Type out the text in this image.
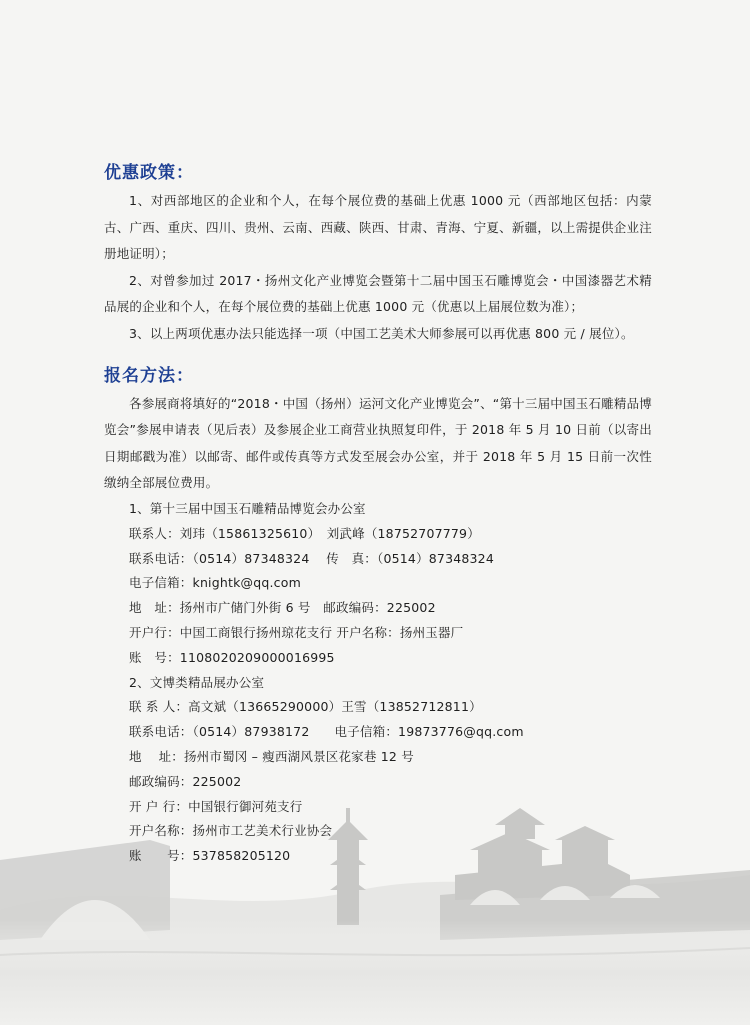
优惠政策：

1、对西部地区的企业和个人，在每个展位费的基础上优惠 1000 元（西部地区包括：内蒙古、广西、重庆、四川、贵州、云南、西藏、陕西、甘肃、青海、宁夏、新疆，以上需提供企业注册地证明）；

2、对曾参加过 2017・扬州文化产业博览会暨第十二届中国玉石雕博览会・中国漆器艺术精品展的企业和个人，在每个展位费的基础上优惠 1000 元（优惠以上届展位数为准）；

3、以上两项优惠办法只能选择一项（中国工艺美术大师参展可以再优惠 800 元 / 展位）。

报名方法：

各参展商将填好的“2018・中国（扬州）运河文化产业博览会”、“第十三届中国玉石雕精品博览会”参展申请表（见后表）及参展企业工商营业执照复印件，于 2018 年 5 月 10 日前（以寄出日期邮戳为准）以邮寄、邮件或传真等方式发至展会办公室，并于 2018 年 5 月 15 日前一次性缴纳全部展位费用。

1、第十三届中国玉石雕精品博览会办公室

联系人：刘玮（15861325610）　刘武峰（18752707779）

联系电话：（0514）87348324 传　真：（0514）87348324

电子信箱：knightk@qq.com

地　址：扬州市广储门外街 6 号　邮政编码：225002

开户行：中国工商银行扬州琼花支行 开户名称：扬州玉器厂

账　号：1108020209000016995

2、文博类精品展办公室

联 系 人：高文斌（13665290000）王雪（13852712811）

联系电话：（0514）87938172 电子信箱：19873776@qq.com

地　 址：扬州市蜀冈 – 瘦西湖风景区花家巷 12 号

邮政编码：225002

开 户 行：中国银行御河苑支行

开户名称：扬州市工艺美术行业协会

账　　号：537858205120
